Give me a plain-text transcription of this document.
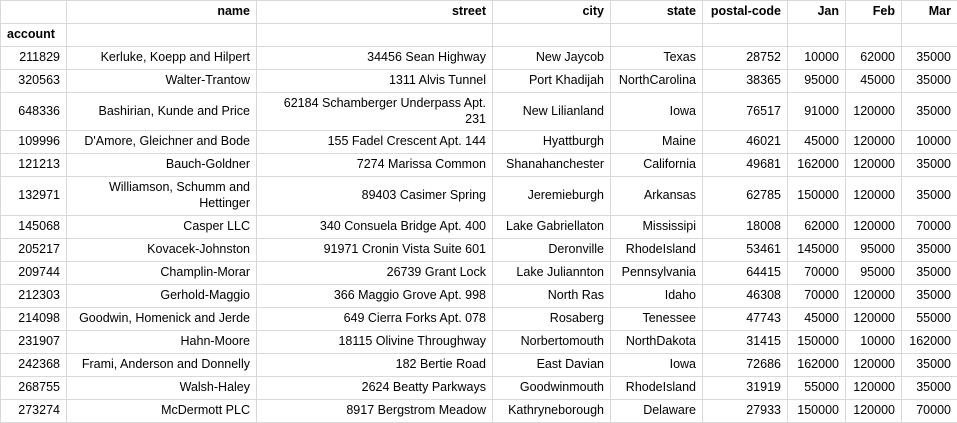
	name	street	city	state	postal-code	Jan	Feb	Mar
account								
211829	Kerluke, Koepp and Hilpert	34456 Sean Highway	New Jaycob	Texas	28752	10000	62000	35000
320563	Walter-Trantow	1311 Alvis Tunnel	Port Khadijah	NorthCarolina	38365	95000	45000	35000
648336	Bashirian, Kunde and Price	62184 Schamberger Underpass Apt. 231	New Lilianland	Iowa	76517	91000	120000	35000
109996	D'Amore, Gleichner and Bode	155 Fadel Crescent Apt. 144	Hyattburgh	Maine	46021	45000	120000	10000
121213	Bauch-Goldner	7274 Marissa Common	Shanahanchester	California	49681	162000	120000	35000
132971	Williamson, Schumm and Hettinger	89403 Casimer Spring	Jeremieburgh	Arkansas	62785	150000	120000	35000
145068	Casper LLC	340 Consuela Bridge Apt. 400	Lake Gabriellaton	Mississipi	18008	62000	120000	70000
205217	Kovacek-Johnston	91971 Cronin Vista Suite 601	Deronville	RhodeIsland	53461	145000	95000	35000
209744	Champlin-Morar	26739 Grant Lock	Lake Juliannton	Pennsylvania	64415	70000	95000	35000
212303	Gerhold-Maggio	366 Maggio Grove Apt. 998	North Ras	Idaho	46308	70000	120000	35000
214098	Goodwin, Homenick and Jerde	649 Cierra Forks Apt. 078	Rosaberg	Tenessee	47743	45000	120000	55000
231907	Hahn-Moore	18115 Olivine Throughway	Norbertomouth	NorthDakota	31415	150000	10000	162000
242368	Frami, Anderson and Donnelly	182 Bertie Road	East Davian	Iowa	72686	162000	120000	35000
268755	Walsh-Haley	2624 Beatty Parkways	Goodwinmouth	RhodeIsland	31919	55000	120000	35000
273274	McDermott PLC	8917 Bergstrom Meadow	Kathryneborough	Delaware	27933	150000	120000	70000
